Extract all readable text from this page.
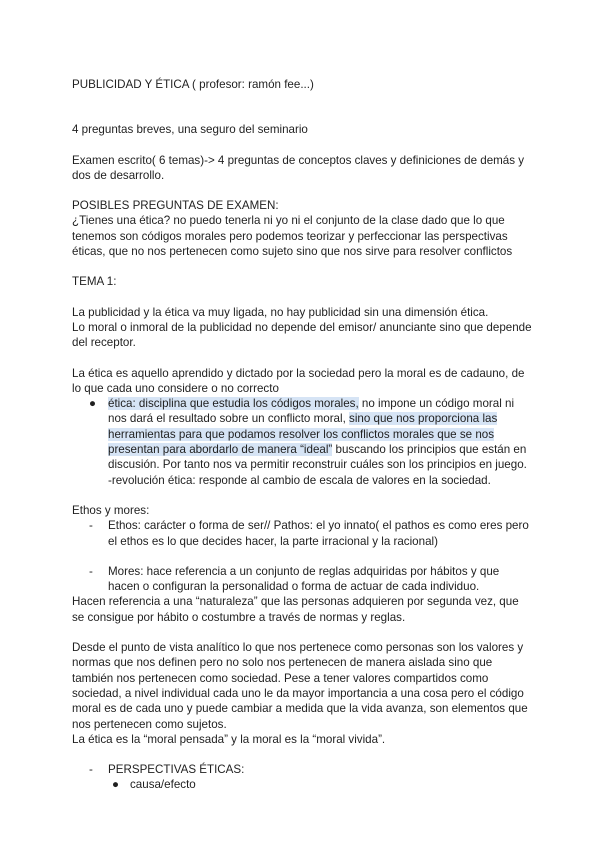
PUBLICIDAD Y ÉTICA ( profesor: ramón fee...)

4 preguntas breves, una seguro del seminario

Examen escrito( 6 temas)-> 4 preguntas de conceptos claves y definiciones de demás y dos de desarrollo.

POSIBLES PREGUNTAS DE EXAMEN:

¿Tienes una ética? no puedo tenerla ni yo ni el conjunto de la clase dado que lo que tenemos son códigos morales pero podemos teorizar y perfeccionar las perspectivas éticas, que no nos pertenecen como sujeto sino que nos sirve para resolver conflictos

TEMA 1:

La publicidad y la ética va muy ligada, no hay publicidad sin una dimensión ética.

Lo moral o inmoral de la publicidad no depende del emisor/ anunciante sino que depende del receptor.

La ética es aquello aprendido y dictado por la sociedad pero la moral es de cadauno, de lo que cada uno considere o no correcto

● ética: disciplina que estudia los códigos morales, no impone un código moral ni nos dará el resultado sobre un conflicto moral, sino que nos proporciona las herramientas para que podamos resolver los conflictos morales que se nos presentan para abordarlo de manera “ideal” buscando los principios que están en discusión. Por tanto nos va permitir reconstruir cuáles son los principios en juego.
-revolución ética: responde al cambio de escala de valores en la sociedad.

Ethos y mores:

- Ethos: carácter o forma de ser// Pathos: el yo innato( el pathos es como eres pero el ethos es lo que decides hacer, la parte irracional y la racional)
- Mores: hace referencia a un conjunto de reglas adquiridas por hábitos y que hacen o configuran la personalidad o forma de actuar de cada individuo.

Hacen referencia a una “naturaleza” que las personas adquieren por segunda vez, que se consigue por hábito o costumbre a través de normas y reglas.

Desde el punto de vista analítico lo que nos pertenece como personas son los valores y normas que nos definen pero no solo nos pertenecen de manera aislada sino que también nos pertenecen como sociedad. Pese a tener valores compartidos como sociedad, a nivel individual cada uno le da mayor importancia a una cosa pero el código moral es de cada uno y puede cambiar a medida que la vida avanza, son elementos que nos pertenecen como sujetos.

La ética es la “moral pensada” y la moral es la “moral vivida”.

- PERSPECTIVAS ÉTICAS:
● causa/efecto
